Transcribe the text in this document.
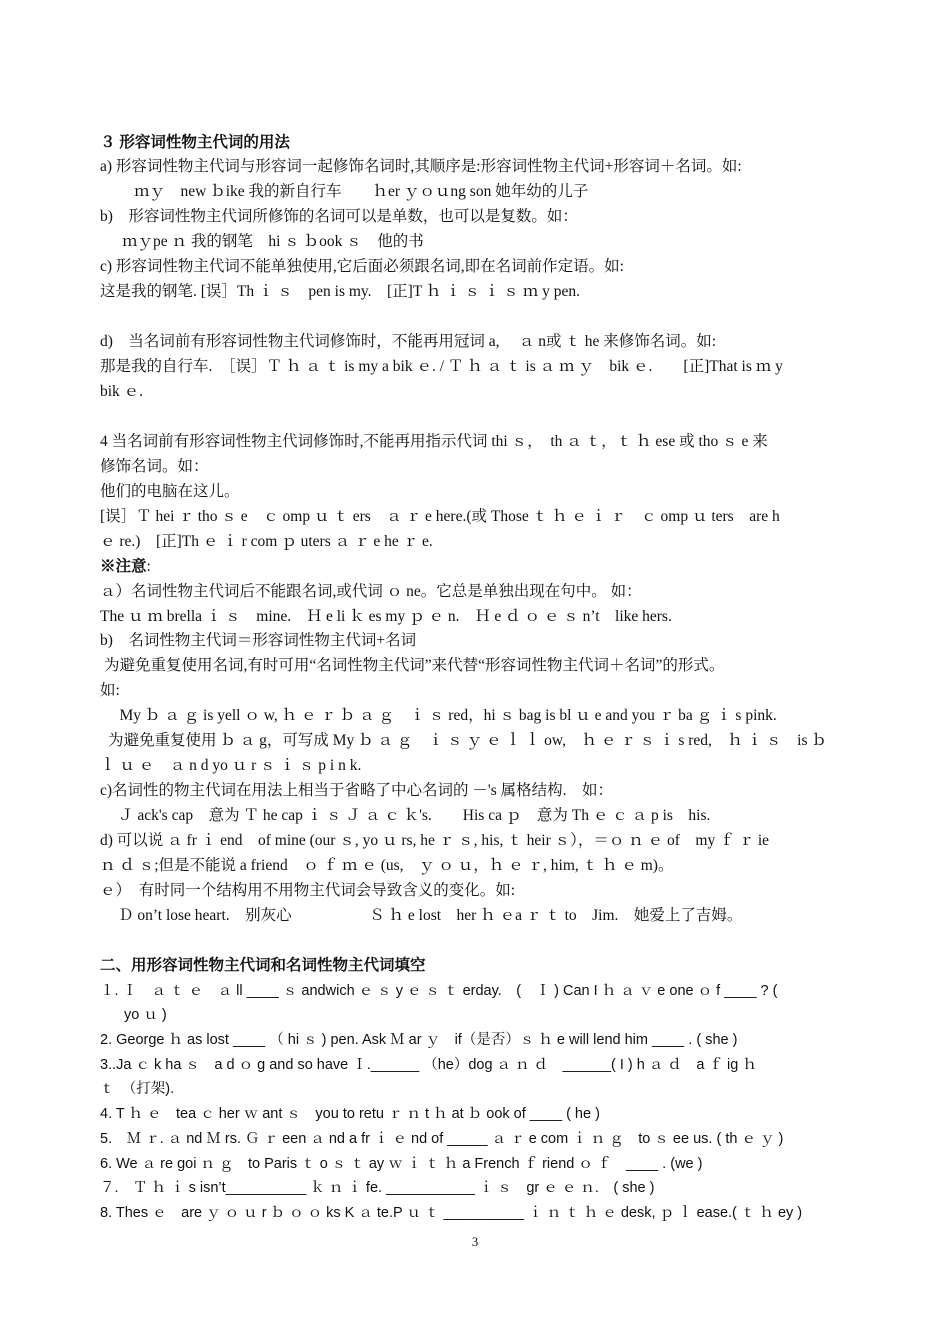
３ 形容词性物主代词的用法
a) 形容词性物主代词与形容词一起修饰名词时,其顺序是:形容词性物主代词+形容词＋名词。如:
ｍｙ　new ｂike 我的新自行车　　ｈer ｙｏｕng son 她年幼的儿子
b)　形容词性物主代词所修饰的名词可以是单数，也可以是复数。如：
ｍｙpe ｎ 我的钢笔　hi ｓ ｂook ｓ　他的书
c) 形容词性物主代词不能单独使用,它后面必须跟名词,即在名词前作定语。如:
这是我的钢笔. [误］Th ｉ ｓ　pen is my.　[正]T ｈ ｉ ｓ ｉ ｓ ｍ y pen.
d)　当名词前有形容词性物主代词修饰时，不能再用冠词 a, 　ａ n或 ｔ he 来修饰名词。如:
那是我的自行车.　［误］Ｔ ｈ ａ ｔ is my a bik ｅ. / Ｔ ｈ ａ ｔ is ａ ｍ ｙ　bik ｅ.　　[正]That is ｍ y
bik ｅ.
4 当名词前有形容词性物主代词修饰时,不能再用指示代词 thi ｓ，　th ａ ｔ，ｔ ｈ ese 或 tho ｓ e 来
修饰名词。如：
他们的电脑在这儿。
[误］Ｔ hei ｒ tho ｓ e　ｃ omp ｕ ｔ ers　ａ ｒ e here.(或 Those ｔ ｈ ｅ ｉ ｒ　ｃ omp ｕ ters　are h
ｅ re.)　[正]Th ｅ ｉ r com ｐ uters ａ ｒ e he ｒ e.
※注意:
ａ）名词性物主代词后不能跟名词,或代词 ｏ ne。它总是单独出现在句中。 如：
The ｕ ｍ brella ｉ ｓ　mine.　Ｈ e li ｋ es my ｐ ｅ n.　Ｈ e ｄ ｏ ｅ ｓ n’t　like hers.
b)　名词性物主代词＝形容词性物主代词+名词
为避免重复使用名词,有时可用“名词性物主代词”来代替“形容词性物主代词＋名词”的形式。
如:
　My ｂ ａ ｇ is yell ｏ w, ｈ ｅ ｒ ｂ ａ ｇ　ｉ ｓ red，hi ｓ bag is bl ｕ e and you ｒ ba ｇ ｉ s pink.
为避免重复使用 ｂ ａ g，可写成 My ｂ ａ ｇ　ｉ ｓ ｙ ｅ ｌ ｌ ow,　ｈ ｅ ｒ ｓ ｉ s red,　ｈ ｉ ｓ　is ｂ
ｌ ｕ ｅ　ａ n d yo ｕ r ｓ ｉ ｓ p i n k.
c)名词性的物主代词在用法上相当于省略了中心名词的 －'s 属格结构.　如：
Ｊ ack's cap　意为 Ｔ he cap ｉ ｓ Ｊ ａ ｃ ｋ's.　　His ca ｐ　意为 Th ｅ ｃ ａ p is　his.
d) 可以说 ａ fr ｉ end　of mine (our ｓ, yo ｕ rs, he ｒ ｓ, his, ｔ heir ｓ），＝ｏ ｎ ｅ of　my ｆ ｒ ie
ｎ ｄ ｓ;但是不能说 a friend　ｏ ｆ ｍ ｅ (us,　ｙ ｏ ｕ，ｈ ｅ ｒ, him, ｔ ｈ ｅ m)。
ｅ）　有时同一个结构用不用物主代词会导致含义的变化。如:
Ｄ on’t lose heart.　别灰心　　　　　Ｓ ｈ e lost　her ｈ ｅa ｒ ｔ to　Jim.　她爱上了吉姆。
二、用形容词性物主代词和名词性物主代词填空
１. Ｉ　ａ ｔ ｅ　ａ ll ____ ｓ andwich ｅ ｓ y ｅ ｓ ｔ erday.　(　Ｉ ) Can I ｈ ａ ｖ e one ｏ f ____ ? (
yo ｕ )
2. George ｈ as lost ____ （ hi ｓ ) pen. Ask Ｍ ar ｙ　if（是否）ｓ ｈ e will lend him ____ . ( she )
3..Ja ｃ k ha ｓ　a d ｏ g and so have Ｉ.______ （he）dog ａ ｎ ｄ　______( I ) h ａ ｄ　a ｆ ig ｈ
ｔ　（打架).
4. T ｈ ｅ　tea ｃ her ｗ ant ｓ　you to retu ｒ ｎ t ｈ at ｂ ook of ____ ( he )
5.　Ｍ ｒ. ａ nd Ｍ rs. Ｇ ｒ een ａ nd a fr ｉ ｅ nd of _____ ａ ｒ e com ｉ ｎ ｇ　to ｓ ee us. ( th ｅ ｙ )
6. We ａ re goi ｎ ｇ　to Paris ｔ o ｓ ｔ ay ｗ ｉ ｔ ｈ a French ｆ riend ｏ ｆ　____ . (we )
７.　Ｔ ｈ ｉ s isn’t__________ ｋ ｎ ｉ fe. ___________ ｉ ｓ　gr ｅ ｅ ｎ.　( she )
8. Thes ｅ　are ｙ ｏ ｕ r ｂ ｏ ｏ ks K ａ te.P ｕ ｔ __________ ｉ ｎ ｔ ｈ ｅ desk, ｐ ｌ ease.( ｔ ｈ ey )
3
